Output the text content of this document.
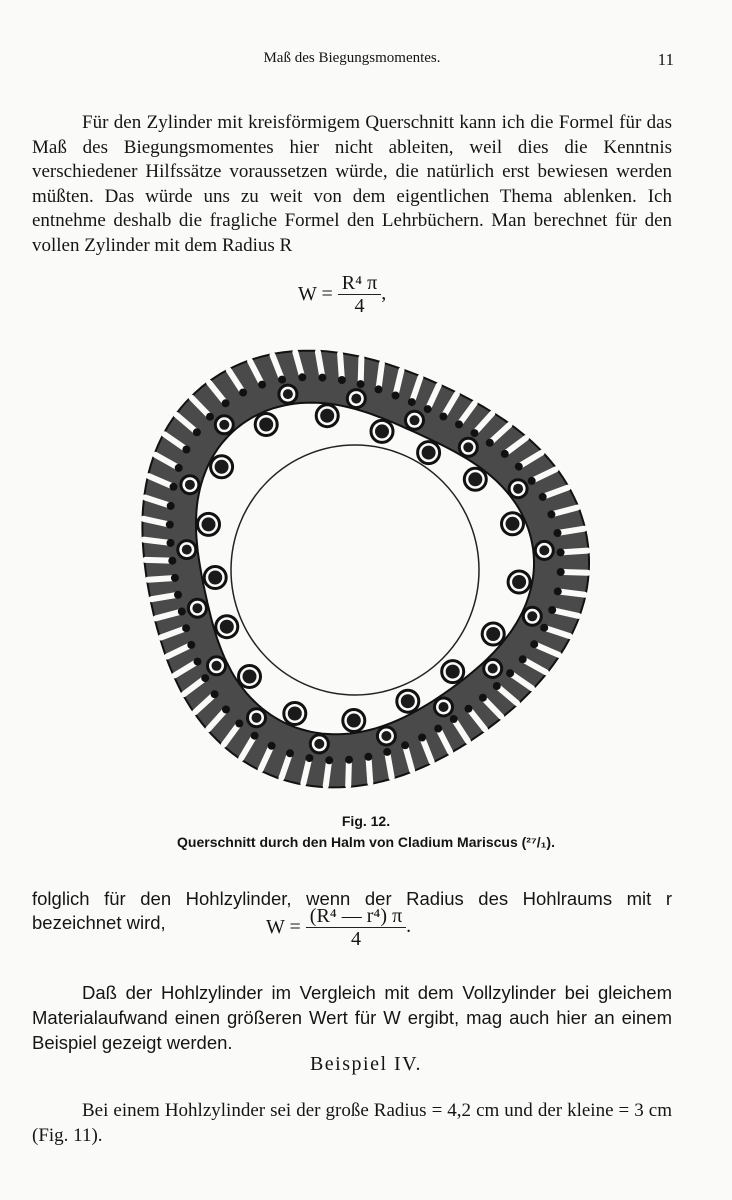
Maß des Biegungsmomentes.	11

Für den Zylinder mit kreisförmigem Querschnitt kann ich die Formel für das Maß des Biegungsmomentes hier nicht ableiten, weil dies die Kenntnis verschiedener Hilfssätze voraussetzen würde, die natürlich erst bewiesen werden müßten. Das würde uns zu weit von dem eigentlichen Thema ablenken. Ich entnehme deshalb die fragliche Formel den Lehrbüchern. Man berechnet für den vollen Zylinder mit dem Radius R

$W = \frac{\text{R⁴ π}}{4}$ ,
Fig. 12.
Querschnitt durch den Halm von Cladium Mariscus (²⁷/₁).

folglich für den Hohlzylinder, wenn der Radius des Hohlraums mit r bezeichnet wird,	$W = \frac{\text{(R⁴ — r⁴) π}}{4}$ .

Daß der Hohlzylinder im Vergleich mit dem Vollzylinder bei gleichem Materialaufwand einen größeren Wert für W ergibt, mag auch hier an einem Beispiel gezeigt werden.

Beispiel IV.

Bei einem Hohlzylinder sei der große Radius = 4,2 cm und der kleine = 3 cm (Fig. 11).
